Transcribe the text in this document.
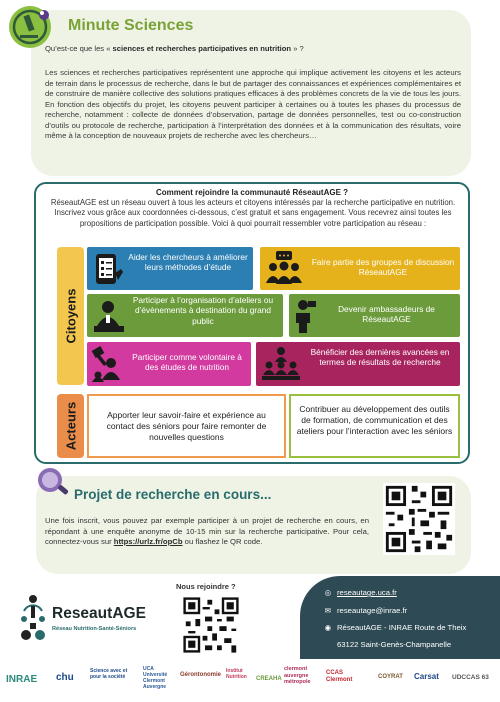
Minute Sciences
Qu’est-ce que les « sciences et recherches participatives en nutrition » ?
Les sciences et recherches participatives représentent une approche qui implique activement les citoyens et les acteurs de terrain dans le processus de recherche, dans le but de partager des connaissances et expériences complémentaires et de construire de manière collective des solutions pratiques efficaces à des problèmes concrets de la vie de tous les jours. En fonction des objectifs du projet, les citoyens peuvent participer à certaines ou à toutes les phases du processus de recherche, notamment : collecte de données d’observation, partage de données personnelles, test ou co-construction d’outils ou protocole de recherche, participation à l’interprétation des données et à la communication des résultats, voire même à la conception de nouveaux projets de recherche avec les chercheurs…
Comment rejoindre la communauté RéseautAGE ?
RéseautAGE est un réseau ouvert à tous les acteurs et citoyens intéressés par la recherche participative en nutrition. Inscrivez vous grâce aux coordonnées ci-dessous, c’est gratuit et sans engagement. Vous recevrez ainsi toutes les propositions de participation possible. Voici à quoi pourrait ressembler votre participation au réseau :
Citoyens
Acteurs
Aider les chercheurs à améliorer leurs méthodes d’étude
Faire partie des groupes de discussion RéseautAGE
Participer à l’organisation d’ateliers ou d’évènements à destination du grand public
Devenir ambassadeurs de RéseautAGE
Participer comme volontaire à des études de nutrition
Bénéficier des dernières avancées en termes de résultats de recherche
Apporter leur savoir-faire et expérience au contact des séniors pour faire remonter de nouvelles questions
Contribuer au développement des outils de formation, de communication et des ateliers pour l’interaction avec les séniors
Projet de recherche en cours...
Une fois inscrit, vous pouvez par exemple participer à un projet de recherche en cours, en répondant à une enquête anonyme de 10-15 min sur la recherche participative. Pour cela, connectez-vous sur https://urlz.fr/opCb ou flashez le QR code.
ReseautAGE
Réseau Nutrition-Santé-Séniors
Nous rejoindre ?
◎ reseautage.uca.fr
✉ reseautage@inrae.fr
◉ RéseautAGE - INRAE Route de Theix
63122 Saint-Genès-Champanelle
INRAE chu
Science avec et pour la société
UCA Université Clermont Auvergne
Gérontonomie
Institut Nutrition	CREAHA
clermont auvergne métropole
CCAS Clermont	COYRAT Carsat UDCCAS 63
